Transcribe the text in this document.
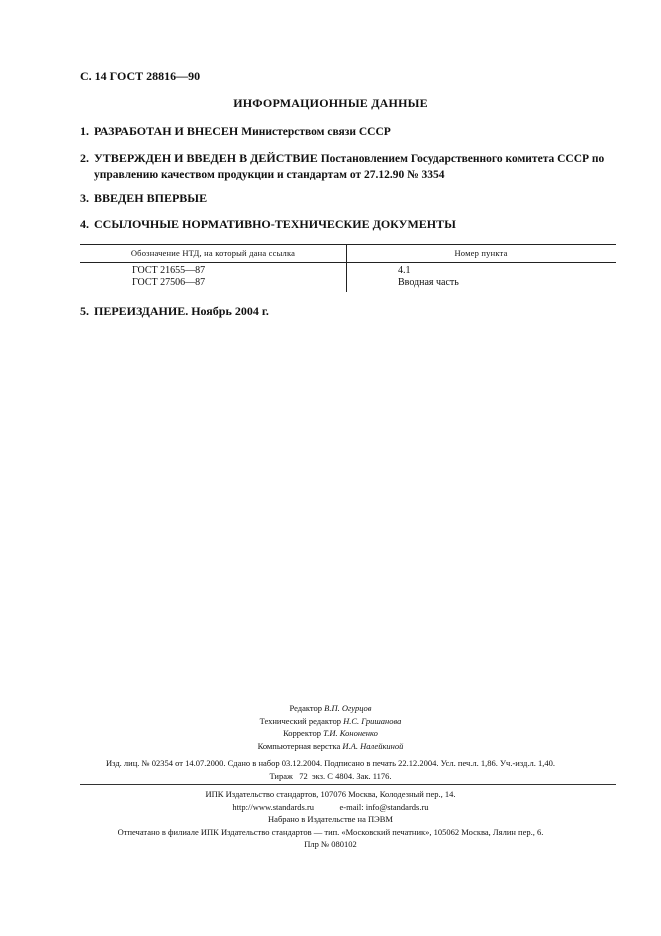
С. 14 ГОСТ 28816—90
ИНФОРМАЦИОННЫЕ ДАННЫЕ
1. РАЗРАБОТАН И ВНЕСЕН Министерством связи СССР
2. УТВЕРЖДЕН И ВВЕДЕН В ДЕЙСТВИЕ Постановлением Государственного комитета СССР по управлению качеством продукции и стандартам от 27.12.90 № 3354
3. ВВЕДЕН ВПЕРВЫЕ
4. ССЫЛОЧНЫЕ НОРМАТИВНО-ТЕХНИЧЕСКИЕ ДОКУМЕНТЫ
Обозначение НТД, на который дана ссылка	Номер пункта
ГОСТ 21655—87	4.1
ГОСТ 27506—87	Вводная часть
5. ПЕРЕИЗДАНИЕ. Ноябрь 2004 г.
Редактор В.П. Огурцов
Технический редактор Н.С. Гришанова
Корректор Т.И. Кононенко
Компьютерная верстка И.А. Налейкиной
Изд. лиц. № 02354 от 14.07.2000. Сдано в набор 03.12.2004. Подписано в печать 22.12.2004. Усл. печ.л. 1,86. Уч.-изд.л. 1,40.
Тираж   72  экз. С 4804. Зак. 1176.
ИПК Издательство стандартов, 107076 Москва, Колодезный пер., 14.
http://www.standards.ru            e-mail: info@standards.ru
Набрано в Издательстве на ПЭВМ
Отпечатано в филиале ИПК Издательство стандартов — тип. «Московский печатник», 105062 Москва, Лялин пер., 6.
Плр № 080102
